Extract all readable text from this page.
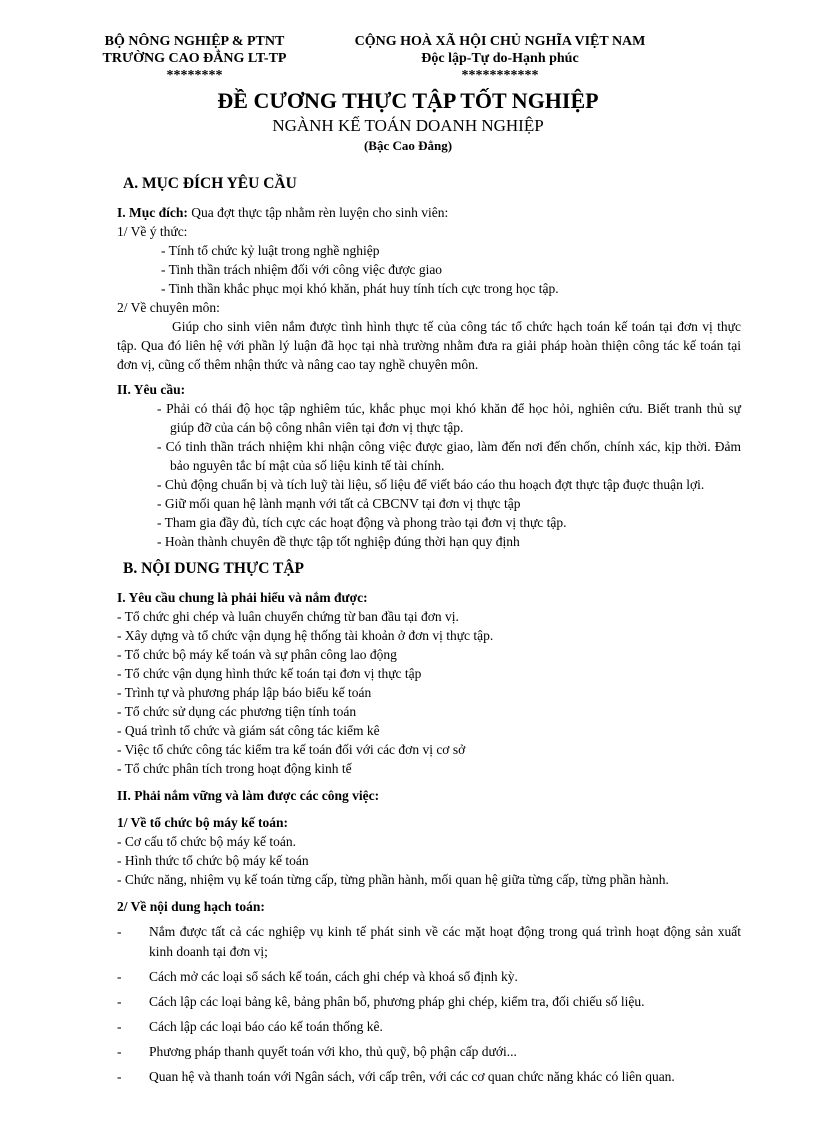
BỘ NÔNG NGHIỆP & PTNT
TRƯỜNG CAO ĐẲNG LT-TP
********
CỘNG HOÀ XÃ HỘI CHỦ NGHĨA VIỆT NAM
Độc lập-Tự do-Hạnh phúc
***********
ĐỀ CƯƠNG THỰC TẬP TỐT NGHIỆP
NGÀNH KẾ TOÁN DOANH NGHIỆP
(Bậc Cao Đẳng)
A. MỤC ĐÍCH YÊU CẦU

I. Mục đích: Qua đợt thực tập nhằm rèn luyện cho sinh viên:

1/ Về ý thức:

- Tính tổ chức kỷ luật trong nghề nghiệp
- Tinh thần trách nhiệm đối với công việc được giao
- Tinh thần khắc phục mọi khó khăn, phát huy tính tích cực trong học tập.

2/ Về chuyên môn:

Giúp cho sinh viên nắm được tình hình thực tế của công tác tổ chức hạch toán kế toán tại đơn vị thực tập. Qua đó liên hệ với phần lý luận đã học tại nhà trường nhằm đưa ra giải pháp hoàn thiện công tác kế toán tại đơn vị, cũng cố thêm nhận thức và nâng cao tay nghề chuyên môn.

II. Yêu cầu:

- Phải có thái độ học tập nghiêm túc, khắc phục mọi khó khăn để học hỏi, nghiên cứu. Biết tranh thủ sự giúp đỡ của cán bộ công nhân viên tại đơn vị thực tập.
- Có tinh thần trách nhiệm khi nhận công việc được giao, làm đến nơi đến chốn, chính xác, kịp thời. Đảm bảo nguyên tắc bí mật của số liệu kinh tế tài chính.
- Chủ động chuẩn bị và tích luỹ tài liệu, số liệu để viết báo cáo thu hoạch đợt thực tập đuợc thuận lợi.
- Giữ mối quan hệ lành mạnh với tất cả CBCNV tại đơn vị thực tập
- Tham gia đầy đủ, tích cực các hoạt động và phong trào tại đơn vị thực tập.
- Hoàn thành chuyên đề thực tập tốt nghiệp đúng thời hạn quy định
B. NỘI DUNG THỰC TẬP

I. Yêu cầu chung là phải hiểu và nắm được:

- Tổ chức ghi chép và luân chuyển chứng từ ban đầu tại đơn vị.
- Xây dựng và tổ chức vận dụng hệ thống tài khoản ở đơn vị thực tập.
- Tổ chức bộ máy kế toán và sự phân công lao động
- Tổ chức vận dụng hình thức kế toán tại đơn vị thực tập
- Trình tự và phương pháp lập báo biểu kế toán
- Tổ chức sử dụng các phương tiện tính toán
- Quá trình tổ chức và giám sát công tác kiểm kê
- Việc tổ chức công tác kiểm tra kế toán đối với các đơn vị cơ sở
- Tổ chức phân tích trong hoạt động kinh tế

II. Phải nắm vững và làm được các công việc:

1/ Về tổ chức bộ máy kế toán:

- Cơ cấu tổ chức bộ máy kế toán.
- Hình thức tổ chức bộ máy kế toán
- Chức năng, nhiệm vụ kế toán từng cấp, từng phần hành, mối quan hệ giữa từng cấp, từng phần hành.

2/ Về nội dung hạch toán:

- Nắm được tất cả các nghiệp vụ kinh tế phát sinh về các mặt hoạt động trong quá trình hoạt động sản xuất kinh doanh tại đơn vị;
- Cách mở các loại sổ sách kế toán, cách ghi chép và khoá sổ định kỳ.
- Cách lập các loại bảng kê, bảng phân bổ, phương pháp ghi chép, kiểm tra, đối chiếu số liệu.
- Cách lập các loại báo cáo kế toán thống kê.
- Phương pháp thanh quyết toán với kho, thủ quỹ, bộ phận cấp dưới...
- Quan hệ và thanh toán với Ngân sách, với cấp trên, với các cơ quan chức năng khác có liên quan.
